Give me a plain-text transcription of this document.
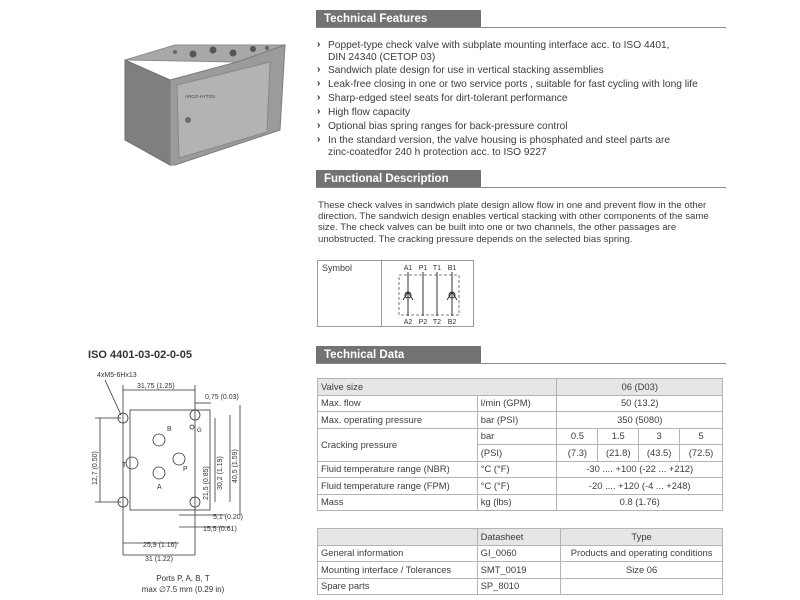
ARGO-HYTOS
Technical Features
› Poppet-type check valve with subplate mounting interface acc. to ISO 4401,
DIN 24340 (CETOP 03)
› Sandwich plate design for use in vertical stacking assemblies
› Leak-free closing in one or two service ports , suitable for fast cycling with long life
› Sharp-edged steel seats for dirt-tolerant performance
› High flow capacity
› Optional bias spring ranges for back-pressure control
› In the standard version, the valve housing is phosphated and steel parts are
zinc-coatedfor 240 h protection acc. to ISO 9227
Functional Description
These check valves in sandwich plate design allow flow in one and prevent flow in the other
direction. The sandwich design enables vertical stacking with other components of the same
size. The check valves can be built into one or two channels, the other passages are
unobstructed. The cracking pressure depends on the selected bias spring.
Symbol	A1 P1 T1 B1
A2 P2 T2 B2
ISO 4401-03-02-0-05
4xM5-6Hx13
31,75 (1.25)
0,75 (0.03)
12,7 (0.50)	30,2 (1.19)
21,5 (0.85)
40,5 (1.59)
5,1 (0.20)
15,5 (0.61)
25,9 (1.16)
31 (1.22)
B	G
T
P
A
Ports P, A, B, T
max ∅7.5 mm (0.29 in)
Technical Data
Valve size		06 (D03)			
Max. flow	l/min (GPM)	50 (13.2)			
Max. operating pressure	bar (PSI)	350 (5080)			
Cracking pressure	bar	0.5	1.5	3	5
	(PSI)	(7.3)	(21.8)	(43.5)	(72.5)
Fluid temperature range (NBR)	°C (°F)	-30 .... +100 (-22 ... +212)			
Fluid temperature range (FPM)	°C (°F)	-20 .... +120 (-4 ... +248)			
Mass	kg (lbs)	0.8 (1.76)			
	Datasheet	Type
General information	GI_0060	Products and operating conditions
Mounting interface / Tolerances	SMT_0019	Size 06
Spare parts	SP_8010	
